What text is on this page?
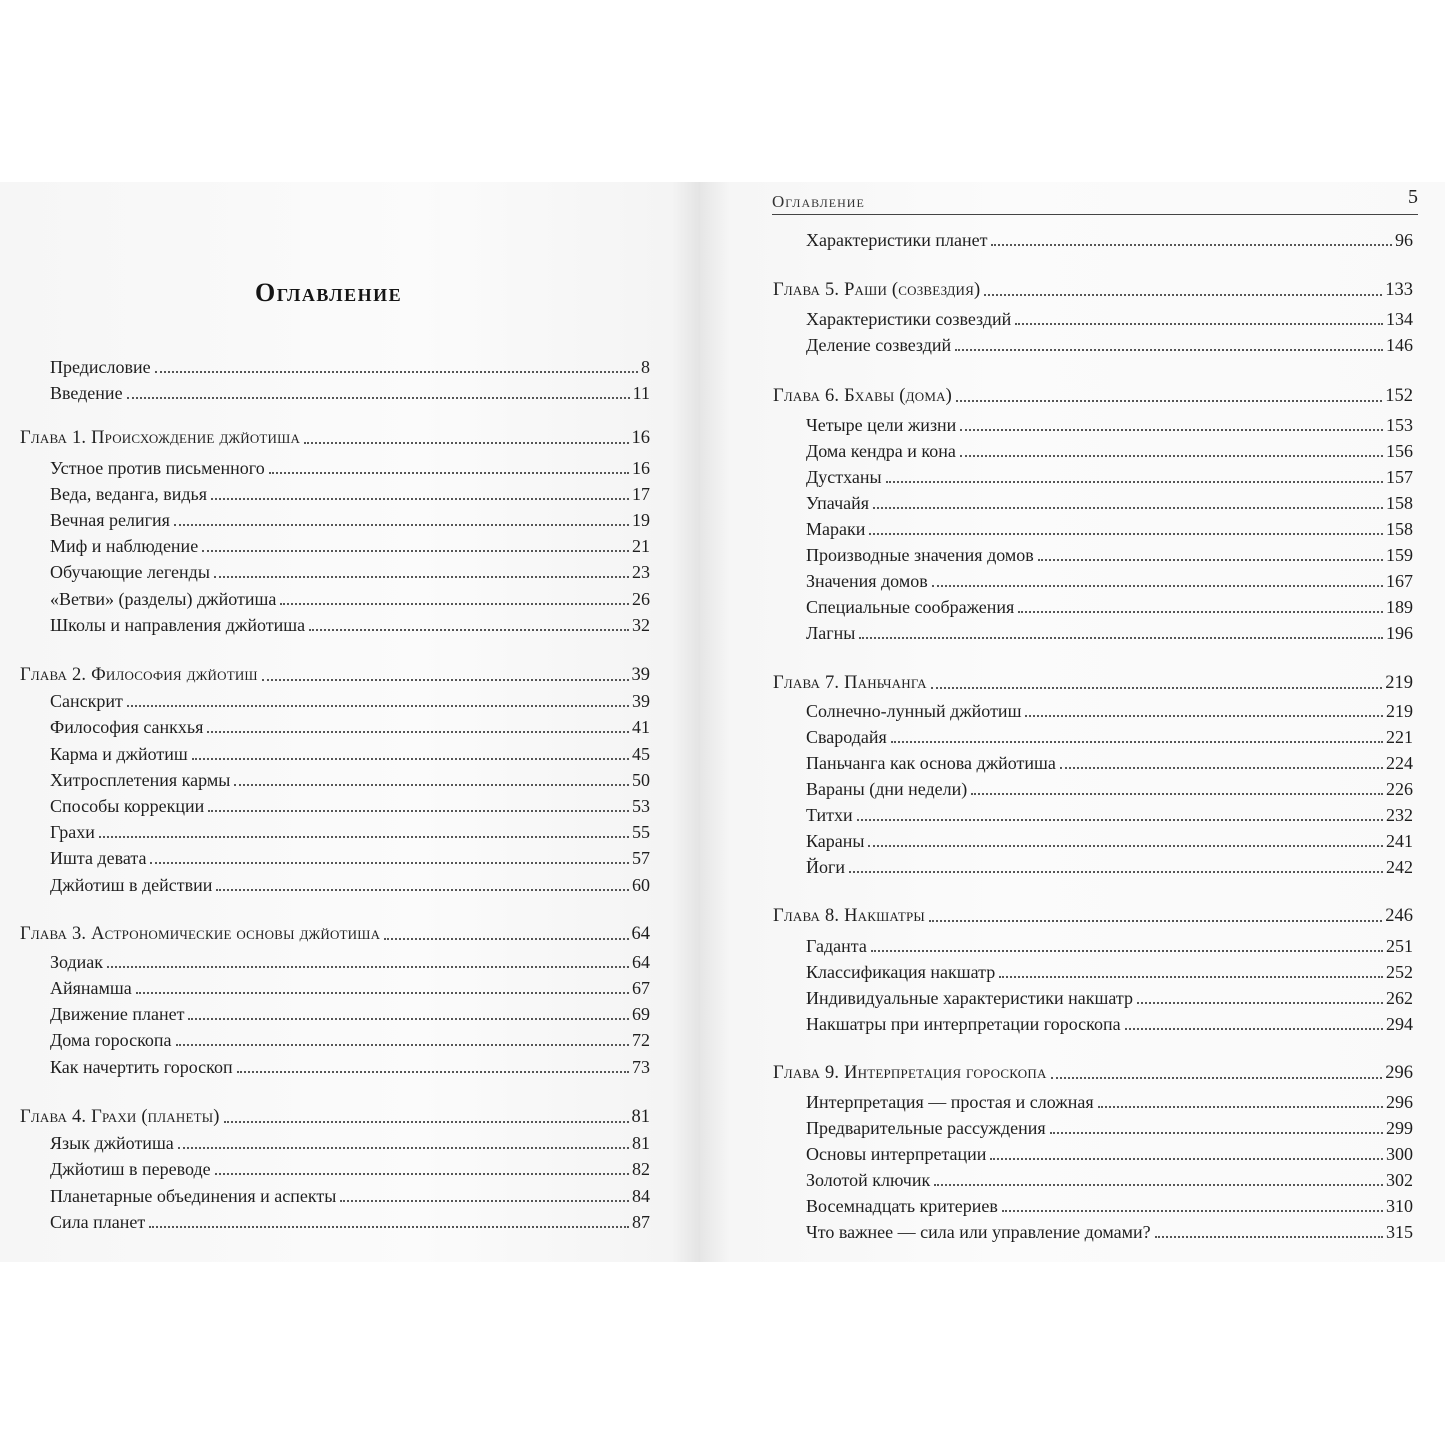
Оглавление
Оглавление	5
Предисловие	8
Введение	11
Глава 1. Происхождение джйотиша	16
Устное против письменного	16
Веда, веданга, видья	17
Вечная религия	19
Миф и наблюдение	21
Обучающие легенды	23
«Ветви» (разделы) джйотиша	26
Школы и направления джйотиша	32
Глава 2. Философия джйотиш	39
Санскрит	39
Философия санкхья	41
Карма и джйотиш	45
Хитросплетения кармы	50
Способы коррекции	53
Грахи	55
Ишта девата	57
Джйотиш в действии	60
Глава 3. Астрономические основы джйотиша	64
Зодиак	64
Айянамша	67
Движение планет	69
Дома гороскопа	72
Как начертить гороскоп	73
Глава 4. Грахи (планеты)	81
Язык джйотиша	81
Джйотиш в переводе	82
Планетарные объединения и аспекты	84
Сила планет	87
Характеристики планет	96
Глава 5. Раши (созвездия)	133
Характеристики созвездий	134
Деление созвездий	146
Глава 6. Бхавы (дома)	152
Четыре цели жизни	153
Дома кендра и кона	156
Дустханы	157
Упачайя	158
Мараки	158
Производные значения домов	159
Значения домов	167
Специальные соображения	189
Лагны	196
Глава 7. Паньчанга	219
Солнечно-лунный джйотиш	219
Свародайя	221
Паньчанга как основа джйотиша	224
Вараны (дни недели)	226
Титхи	232
Караны	241
Йоги	242
Глава 8. Накшатры	246
Гаданта	251
Классификация накшатр	252
Индивидуальные характеристики накшатр	262
Накшатры при интерпретации гороскопа	294
Глава 9. Интерпретация гороскопа	296
Интерпретация — простая и сложная	296
Предварительные рассуждения	299
Основы интерпретации	300
Золотой ключик	302
Восемнадцать критериев	310
Что важнее — сила или управление домами?	315
